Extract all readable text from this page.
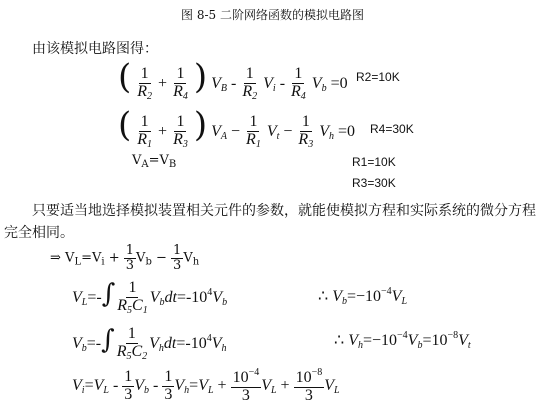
图 8-5 二阶网络函数的模拟电路图
由该模拟电路图得：
( $\frac{1}{R_2} + \frac{1}{R_4}$ ) $V_B - \frac{1}{R_2} V_i - \frac{1}{R_4} V_b =0$ R2=10K
( $\frac{1}{R_1} + \frac{1}{R_3}$ ) $V_A - \frac{1}{R_1} V_t - \frac{1}{R_3} V_h =0$ R4=30K
$V_A=V_B$	R1=10K
R3=30K
只要适当地选择模拟装置相关元件的参数，就能使模拟方程和实际系统的微分方程
完全相同。
⇒ $V_L=V_i + \frac{1}{3} V_b - \frac{1}{3} V_h$
$V_L=-\int \frac{1}{R_5C_1} V_bdt=-10^4V_b$	∴ $V_b=-10^{-4}V_L$
$V_b=-\int \frac{1}{R_5C_2} V_hdt=-10^4V_h$	∴ $V_h=-10^{-4}V_b=10^{-8}V_t$
$V_i=V_L - \frac{1}{3} V_b - \frac{1}{3} V_h=V_L + \frac{10^{-4}}{3} V_L + \frac{10^{-8}}{3} V_L$
